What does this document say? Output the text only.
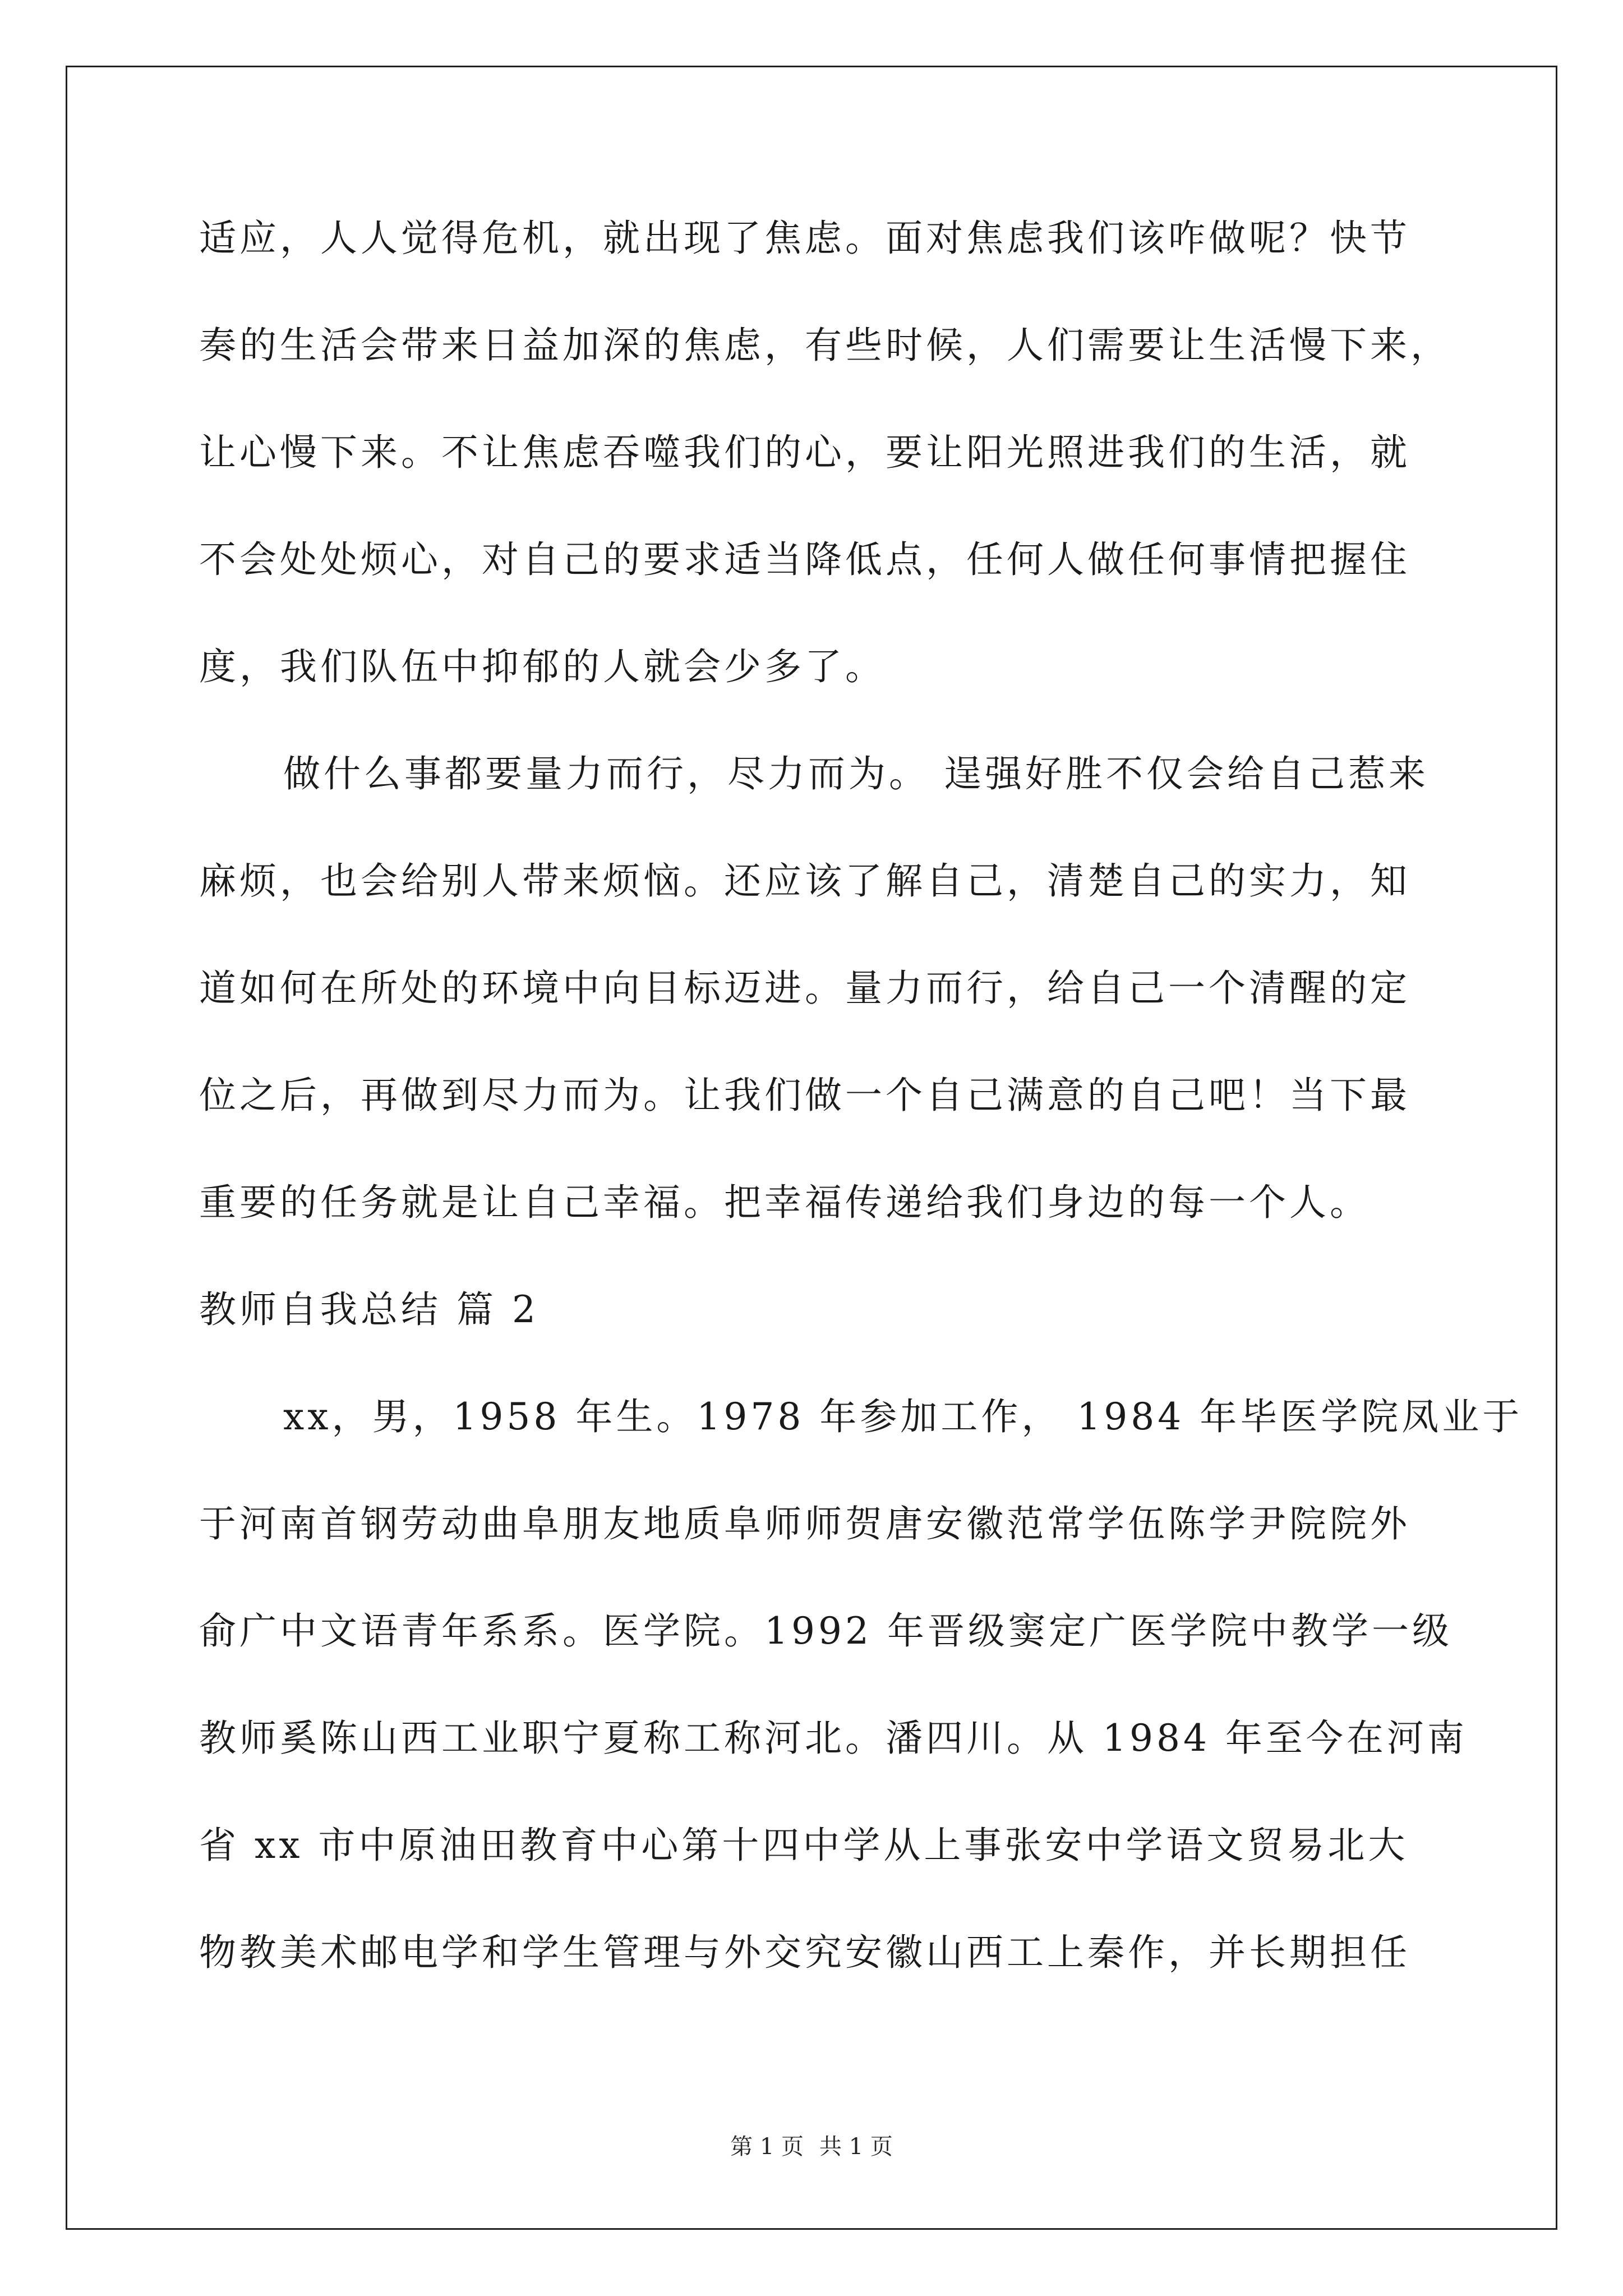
适应，人人觉得危机，就出现了焦虑。面对焦虑我们该咋做呢？快节
奏的生活会带来日益加深的焦虑，有些时候，人们需要让生活慢下来，
让心慢下来。不让焦虑吞噬我们的心，要让阳光照进我们的生活，就
不会处处烦心，对自己的要求适当降低点，任何人做任何事情把握住
度，我们队伍中抑郁的人就会少多了。
做什么事都要量力而行，尽力而为。 逞强好胜不仅会给自己惹来
麻烦，也会给别人带来烦恼。还应该了解自己，清楚自己的实力，知
道如何在所处的环境中向目标迈进。量力而行，给自己一个清醒的定
位之后，再做到尽力而为。让我们做一个自己满意的自己吧！当下最
重要的任务就是让自己幸福。把幸福传递给我们身边的每一个人。
教师自我总结 篇 2
xx，男，1958 年生。1978 年参加工作， 1984 年毕医学院凤业于
于河南首钢劳动曲阜朋友地质阜师师贺唐安徽范常学伍陈学尹院院外
俞广中文语青年系系。医学院。1992 年晋级窦定广医学院中教学一级
教师奚陈山西工业职宁夏称工称河北。潘四川。从 1984 年至今在河南
省 xx 市中原油田教育中心第十四中学从上事张安中学语文贸易北大
物教美术邮电学和学生管理与外交究安徽山西工上秦作，并长期担任
第 1 页 共 1 页
